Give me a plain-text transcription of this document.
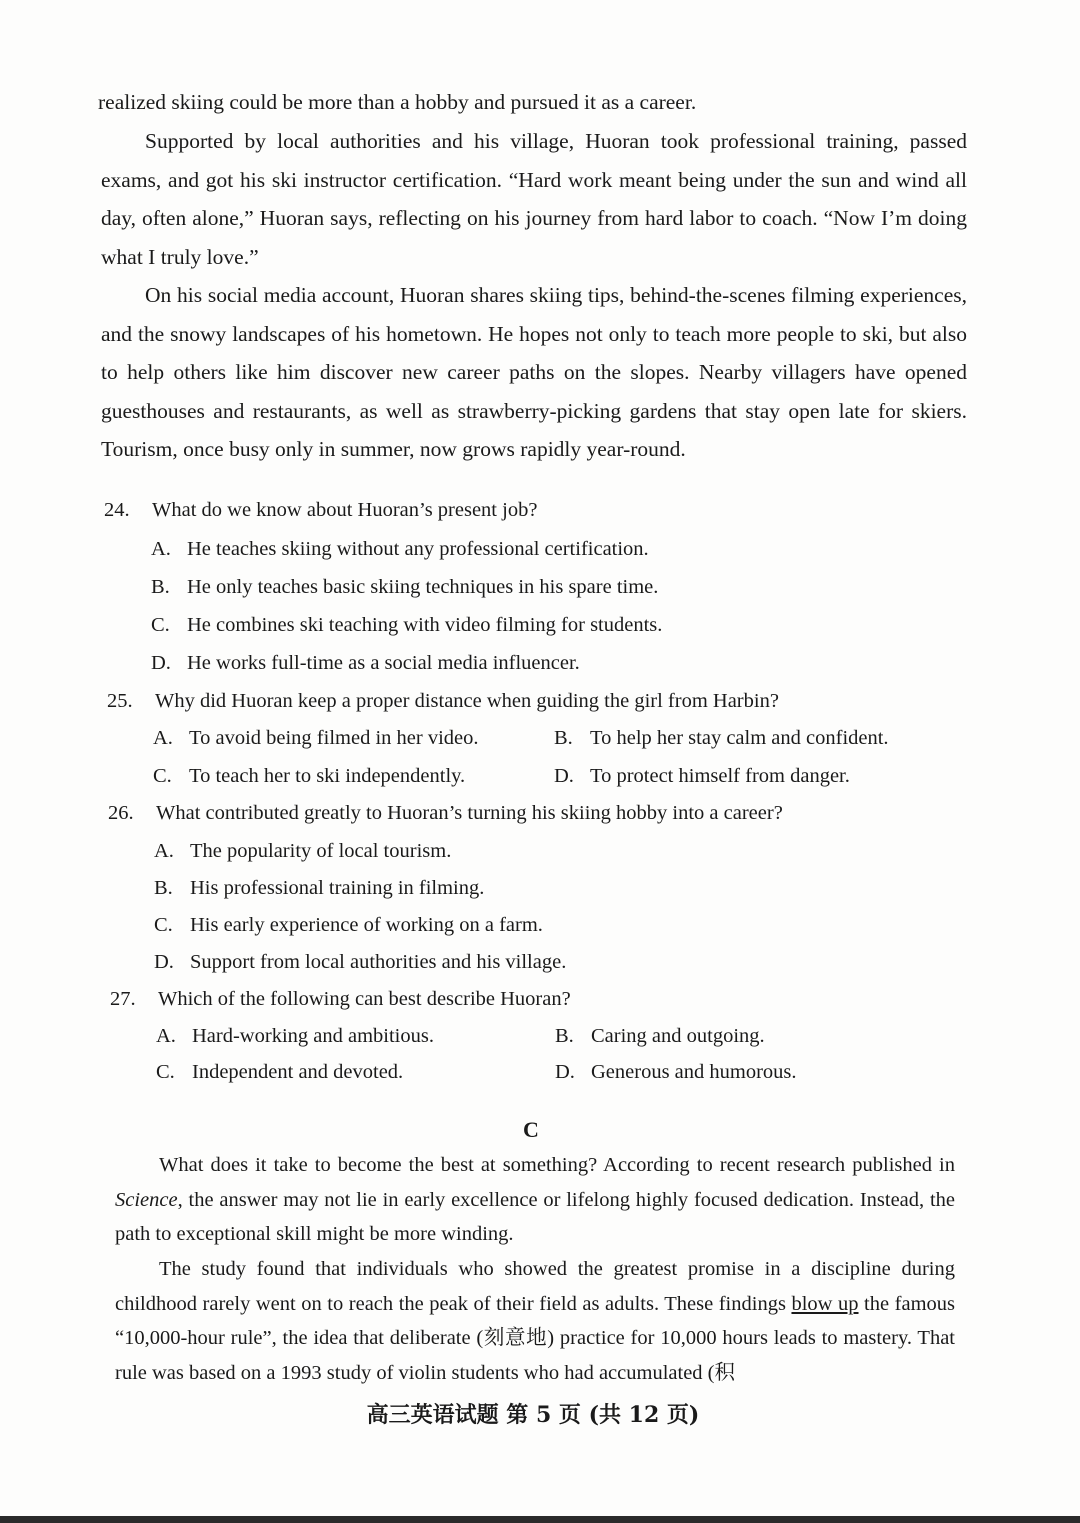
realized skiing could be more than a hobby and pursued it as a career.

Supported by local authorities and his village, Huoran took professional training, passed exams, and got his ski instructor certification. “Hard work meant being under the sun and wind all day, often alone,” Huoran says, reflecting on his journey from hard labor to coach. “Now I’m doing what I truly love.”

On his social media account, Huoran shares skiing tips, behind-the-scenes filming experiences, and the snowy landscapes of his hometown. He hopes not only to teach more people to ski, but also to help others like him discover new career paths on the slopes. Nearby villagers have opened guesthouses and restaurants, as well as strawberry-picking gardens that stay open late for skiers. Tourism, once busy only in summer, now grows rapidly year-round.

24. What do we know about Huoran’s present job?
A. He teaches skiing without any professional certification.
B. He only teaches basic skiing techniques in his spare time.
C. He combines ski teaching with video filming for students.
D. He works full-time as a social media influencer.
25. Why did Huoran keep a proper distance when guiding the girl from Harbin?
A. To avoid being filmed in her video.	B. To help her stay calm and confident.
C. To teach her to ski independently.	D. To protect himself from danger.
26. What contributed greatly to Huoran’s turning his skiing hobby into a career?
A. The popularity of local tourism.
B. His professional training in filming.
C. His early experience of working on a farm.
D. Support from local authorities and his village.
27. Which of the following can best describe Huoran?
A. Hard-working and ambitious.	B. Caring and outgoing.
C. Independent and devoted.	D. Generous and humorous.
C

What does it take to become the best at something? According to recent research published in Science, the answer may not lie in early excellence or lifelong highly focused dedication. Instead, the path to exceptional skill might be more winding.

The study found that individuals who showed the greatest promise in a discipline during childhood rarely went on to reach the peak of their field as adults. These findings blow up the famous “10,000-hour rule”, the idea that deliberate (刻意地) practice for 10,000 hours leads to mastery. That rule was based on a 1993 study of violin students who had accumulated (积

高三英语试题 第 5 页 (共 12 页)
